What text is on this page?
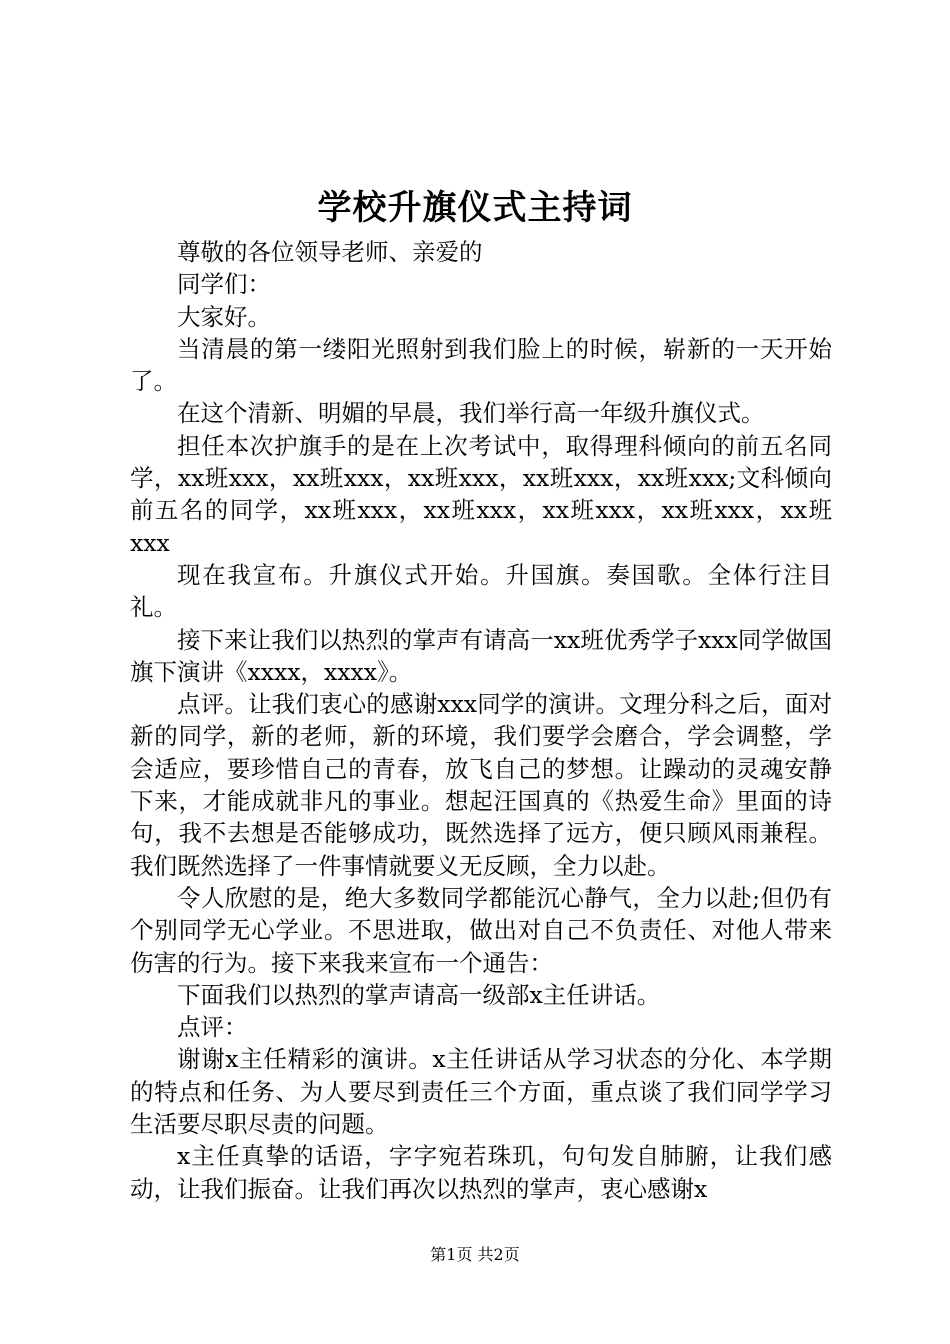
学校升旗仪式主持词

尊敬的各位领导老师、亲爱的

同学们：

大家好。

当清晨的第一缕阳光照射到我们脸上的时候，崭新的一天开始了。

在这个清新、明媚的早晨，我们举行高一年级升旗仪式。

担任本次护旗手的是在上次考试中，取得理科倾向的前五名同学，xx班xxx，xx班xxx，xx班xxx，xx班xxx，xx班xxx;文科倾向前五名的同学，xx班xxx，xx班xxx，xx班xxx，xx班xxx，xx班xxx

现在我宣布。升旗仪式开始。升国旗。奏国歌。全体行注目礼。

接下来让我们以热烈的掌声有请高一xx班优秀学子xxx同学做国旗下演讲《xxxx，xxxx》。

点评。让我们衷心的感谢xxx同学的演讲。文理分科之后，面对新的同学，新的老师，新的环境，我们要学会磨合，学会调整，学会适应，要珍惜自己的青春，放飞自己的梦想。让躁动的灵魂安静下来，才能成就非凡的事业。想起汪国真的《热爱生命》里面的诗句，我不去想是否能够成功，既然选择了远方，便只顾风雨兼程。我们既然选择了一件事情就要义无反顾，全力以赴。

令人欣慰的是，绝大多数同学都能沉心静气，全力以赴;但仍有个别同学无心学业。不思进取，做出对自己不负责任、对他人带来伤害的行为。接下来我来宣布一个通告：

下面我们以热烈的掌声请高一级部x主任讲话。

点评：

谢谢x主任精彩的演讲。x主任讲话从学习状态的分化、本学期的特点和任务、为人要尽到责任三个方面，重点谈了我们同学学习生活要尽职尽责的问题。

x主任真挚的话语，字字宛若珠玑，句句发自肺腑，让我们感动，让我们振奋。让我们再次以热烈的掌声，衷心感谢x

第1页 共2页
